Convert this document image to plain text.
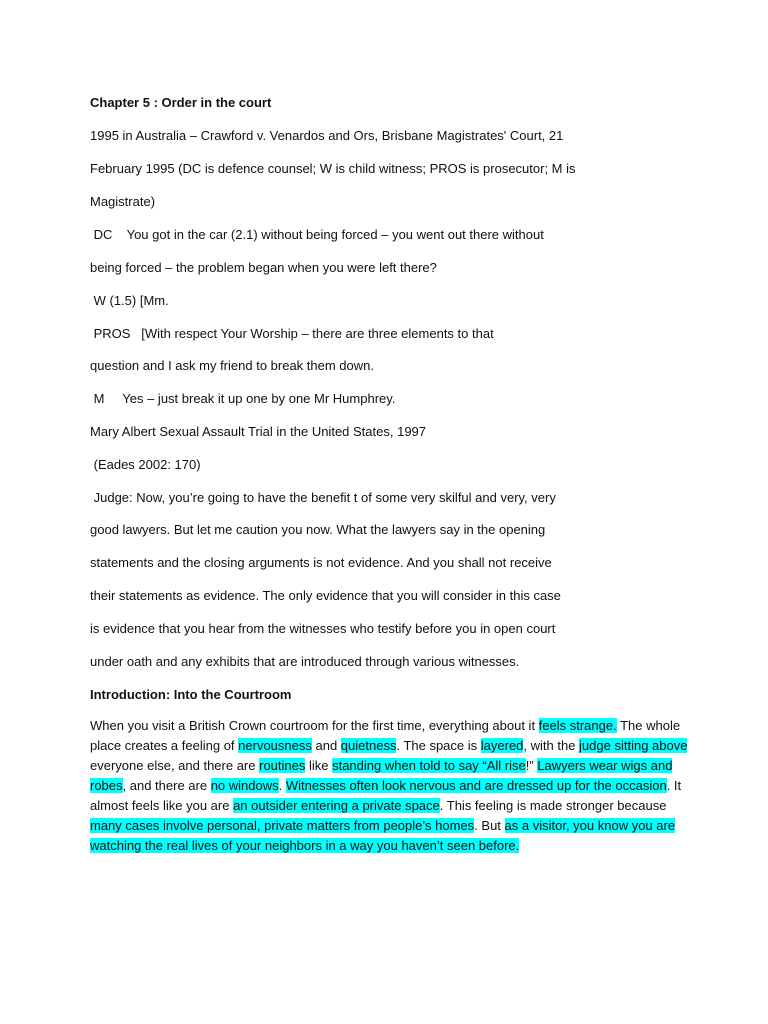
Chapter 5 : Order in the court
1995 in Australia – Crawford v. Venardos and Ors, Brisbane Magistrates' Court, 21
February 1995 (DC is defence counsel; W is child witness; PROS is prosecutor; M is
Magistrate)
DC    You got in the car (2.1) without being forced – you went out there without
being forced – the problem began when you were left there?
W (1.5) [Mm.
PROS   [With respect Your Worship – there are three elements to that
question and I ask my friend to break them down.
M     Yes – just break it up one by one Mr Humphrey.
Mary Albert Sexual Assault Trial in the United States, 1997
(Eades 2002: 170)
Judge: Now, you’re going to have the benefit t of some very skilful and very, very
good lawyers. But let me caution you now. What the lawyers say in the opening
statements and the closing arguments is not evidence. And you shall not receive
their statements as evidence. The only evidence that you will consider in this case
is evidence that you hear from the witnesses who testify before you in open court
under oath and any exhibits that are introduced through various witnesses.
Introduction: Into the Courtroom
When you visit a British Crown courtroom for the first time, everything about it feels strange. The whole
place creates a feeling of nervousness and quietness. The space is layered, with the judge sitting above
everyone else, and there are routines like standing when told to say “All rise!” Lawyers wear wigs and
robes, and there are no windows. Witnesses often look nervous and are dressed up for the occasion. It
almost feels like you are an outsider entering a private space. This feeling is made stronger because
many cases involve personal, private matters from people’s homes. But as a visitor, you know you are
watching the real lives of your neighbors in a way you haven’t seen before.
